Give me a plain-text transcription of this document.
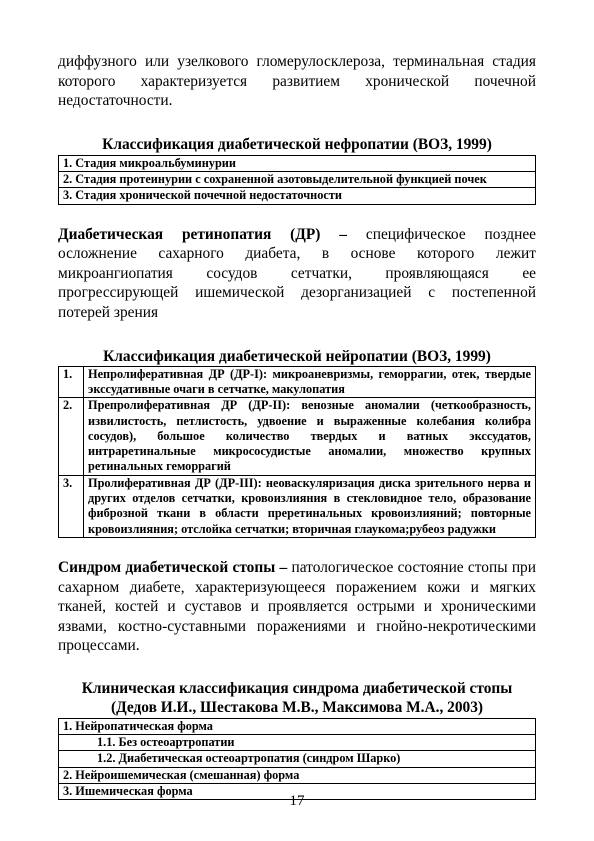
диффузного или узелкового гломерулосклероза, терминальная стадия которого характеризуется развитием хронической почечной недостаточности.

Классификация диабетической нефропатии (ВОЗ, 1999)
1. Стадия микроальбуминурии
2. Стадия протеинурии с сохраненной азотовыделительной функцией почек
3. Стадия хронической почечной недостаточности

Диабетическая ретинопатия (ДР) – специфическое позднее осложнение сахарного диабета, в основе которого лежит микроангиопатия сосудов сетчатки, проявляющаяся ее прогрессирующей ишемической дезорганизацией с постепенной потерей зрения

Классификация диабетической нейропатии (ВОЗ, 1999)
1.	Непролиферативная ДР (ДР-I): микроаневризмы, геморрагии, отек, твердые экссудативные очаги в сетчатке, макулопатия
2.	Препролиферативная ДР (ДР-II): венозные аномалии (четкообразность, извилистость, петлистость, удвоение и выраженные колебания колибра сосудов), большое количество твердых и ватных экссудатов, интраретинальные микрососудистые аномалии, множество крупных ретинальных геморрагий
3.	Пролиферативная ДР (ДР-III): неоваскуляризация диска зрительного нерва и других отделов сетчатки, кровоизлияния в стекловидное тело, образование фиброзной ткани в области преретинальных кровоизлияний; повторные кровоизлияния; отслойка сетчатки; вторичная глаукома;рубеоз радужки

Синдром диабетической стопы – патологическое состояние стопы при сахарном диабете, характеризующееся поражением кожи и мягких тканей, костей и суставов и проявляется острыми и хроническими язвами, костно-суставными поражениями и гнойно-некротическими процессами.

Клиническая классификация синдрома диабетической стопы
(Дедов И.И., Шестакова М.В., Максимова М.А., 2003)
1. Нейропатическая форма
1.1. Без остеоартропатии
1.2. Диабетическая остеоартропатия (синдром Шарко)
2. Нейроишемическая (смешанная) форма
3. Ишемическая форма
17
